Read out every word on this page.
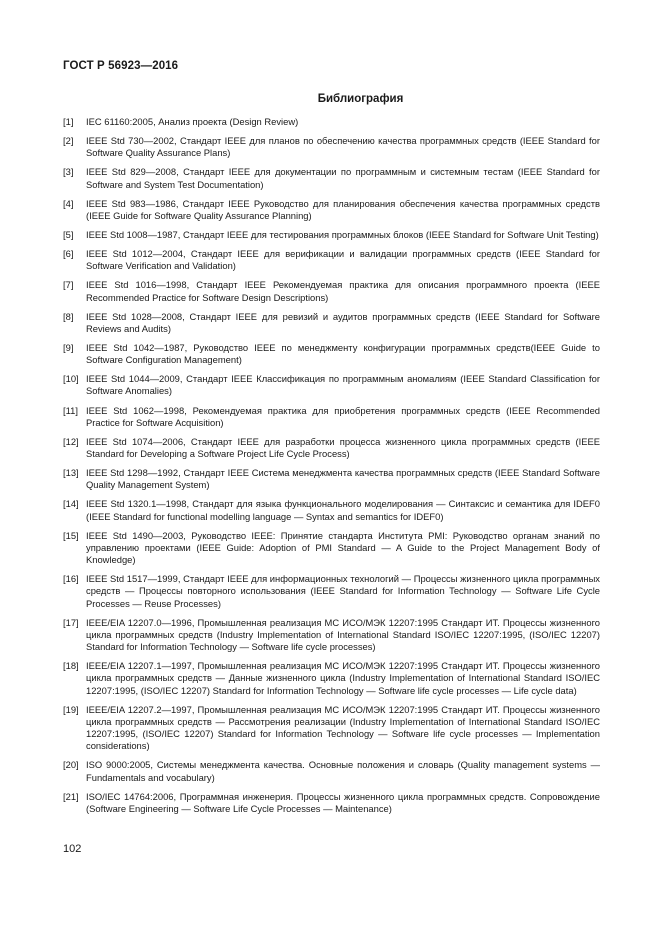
ГОСТ Р 56923—2016
Библиография
[1]	IEC 61160:2005, Анализ проекта (Design Review)
[2]	IEEE Std 730—2002, Стандарт IEEE для планов по обеспечению качества программных средств (IEEE Standard for Software Quality Assurance Plans)
[3]	IEEE Std 829—2008, Стандарт IEEE для документации по программным и системным тестам (IEEE Standard for Software and System Test Documentation)
[4]	IEEE Std 983—1986, Стандарт IEEE Руководство для планирования обеспечения качества программных средств (IEEE Guide for Software Quality Assurance Planning)
[5]	IEEE Std 1008—1987, Стандарт IEEE для тестирования программных блоков (IEEE Standard for Software Unit Testing)
[6]	IEEE Std 1012—2004, Стандарт IEEE для верификации и валидации программных средств (IEEE Standard for Software Verification and Validation)
[7]	IEEE Std 1016—1998, Стандарт IEEE Рекомендуемая практика для описания программного проекта (IEEE Recommended Practice for Software Design Descriptions)
[8]	IEEE Std 1028—2008, Стандарт IEEE для ревизий и аудитов программных средств (IEEE Standard for Software Reviews and Audits)
[9]	IEEE Std 1042—1987, Руководство IEEE по менеджменту конфигурации программных средств(IEEE Guide to Software Configuration Management)
[10] IEEE Std 1044—2009, Стандарт IEEE Классификация по программным аномалиям (IEEE Standard Classification for Software Anomalies)
[11] IEEE Std 1062—1998, Рекомендуемая практика для приобретения программных средств (IEEE Recommended Practice for Software Acquisition)
[12] IEEE Std 1074—2006, Стандарт IEEE для разработки процесса жизненного цикла программных средств (IEEE Standard for Developing a Software Project Life Cycle Process)
[13] IEEE Std 1298—1992, Стандарт IEEE Система менеджмента качества программных средств (IEEE Standard Software Quality Management System)
[14] IEEE Std 1320.1—1998, Стандарт для языка функционального моделирования — Синтаксис и семантика для IDEF0 (IEEE Standard for functional modelling language — Syntax and semantics for IDEF0)
[15] IEEE Std 1490—2003, Руководство IEEE: Принятие стандарта Института PMI: Руководство органам знаний по управлению проектами (IEEE Guide: Adoption of PMI Standard — A Guide to the Project Management Body of Knowledge)
[16] IEEE Std 1517—1999, Стандарт IEEE для информационных технологий — Процессы жизненного цикла программных средств — Процессы повторного использования (IEEE Standard for Information Technology — Software Life Cycle Processes — Reuse Processes)
[17] IEEE/EIA 12207.0—1996, Промышленная реализация МС ИСО/МЭК 12207:1995 Стандарт ИТ. Процессы жизненного цикла программных средств (Industry Implementation of International Standard ISO/IEC 12207:1995, (ISO/IEC 12207) Standard for Information Technology — Software life cycle processes)
[18] IEEE/EIA 12207.1—1997, Промышленная реализация МС ИСО/МЭК 12207:1995 Стандарт ИТ. Процессы жизненного цикла программных средств — Данные жизненного цикла (Industry Implementation of International Standard ISO/IEC 12207:1995, (ISO/IEC 12207) Standard for Information Technology — Software life cycle processes — Life cycle data)
[19] IEEE/EIA 12207.2—1997, Промышленная реализация МС ИСО/МЭК 12207:1995 Стандарт ИТ. Процессы жизненного цикла программных средств — Рассмотрения реализации (Industry Implementation of International Standard ISO/IEC 12207:1995, (ISO/IEC 12207) Standard for Information Technology — Software life cycle processes — Implementation considerations)
[20] ISO 9000:2005, Системы менеджмента качества. Основные положения и словарь (Quality management systems — Fundamentals and vocabulary)
[21] ISO/IEC 14764:2006, Программная инженерия. Процессы жизненного цикла программных средств. Сопровождение (Software Engineering — Software Life Cycle Processes — Maintenance)
102
